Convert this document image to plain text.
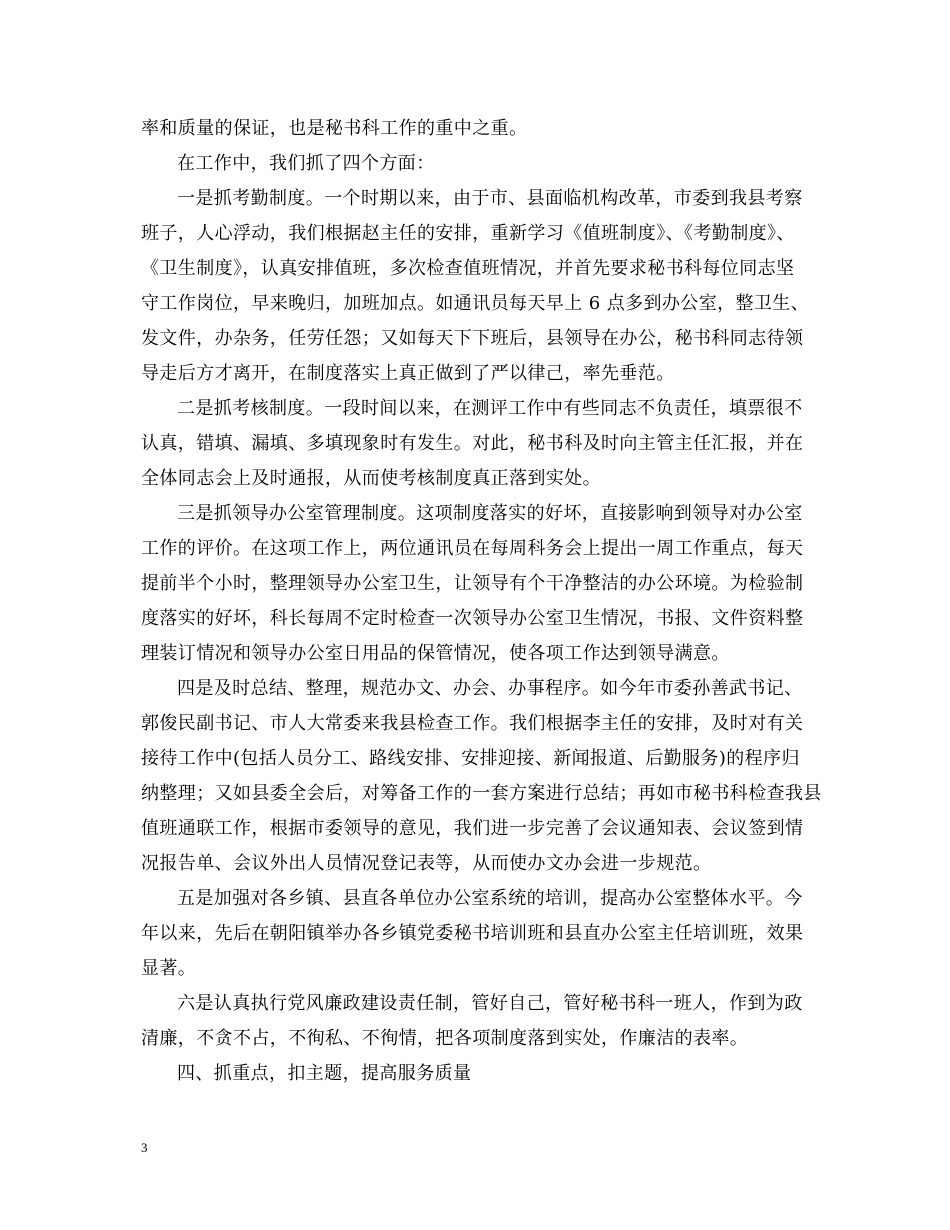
率和质量的保证，也是秘书科工作的重中之重。
在工作中，我们抓了四个方面：
一是抓考勤制度。一个时期以来，由于市、县面临机构改革，市委到我县考察
班子，人心浮动，我们根据赵主任的安排，重新学习《值班制度》、《考勤制度》、
《卫生制度》，认真安排值班，多次检查值班情况，并首先要求秘书科每位同志坚
守工作岗位，早来晚归，加班加点。如通讯员每天早上 6 点多到办公室，整卫生、
发文件，办杂务，任劳任怨；又如每天下下班后，县领导在办公，秘书科同志待领
导走后方才离开，在制度落实上真正做到了严以律己，率先垂范。
二是抓考核制度。一段时间以来，在测评工作中有些同志不负责任，填票很不
认真，错填、漏填、多填现象时有发生。对此，秘书科及时向主管主任汇报，并在
全体同志会上及时通报，从而使考核制度真正落到实处。
三是抓领导办公室管理制度。这项制度落实的好坏，直接影响到领导对办公室
工作的评价。在这项工作上，两位通讯员在每周科务会上提出一周工作重点，每天
提前半个小时，整理领导办公室卫生，让领导有个干净整洁的办公环境。为检验制
度落实的好坏，科长每周不定时检查一次领导办公室卫生情况，书报、文件资料整
理装订情况和领导办公室日用品的保管情况，使各项工作达到领导满意。
四是及时总结、整理，规范办文、办会、办事程序。如今年市委孙善武书记、
郭俊民副书记、市人大常委来我县检查工作。我们根据李主任的安排，及时对有关
接待工作中(包括人员分工、路线安排、安排迎接、新闻报道、后勤服务)的程序归
纳整理；又如县委全会后，对筹备工作的一套方案进行总结；再如市秘书科检查我县
值班通联工作，根据市委领导的意见，我们进一步完善了会议通知表、会议签到情
况报告单、会议外出人员情况登记表等，从而使办文办会进一步规范。
五是加强对各乡镇、县直各单位办公室系统的培训，提高办公室整体水平。今
年以来，先后在朝阳镇举办各乡镇党委秘书培训班和县直办公室主任培训班，效果
显著。
六是认真执行党风廉政建设责任制，管好自己，管好秘书科一班人，作到为政
清廉，不贪不占，不徇私、不徇情，把各项制度落到实处，作廉洁的表率。
四、抓重点，扣主题，提高服务质量
3
